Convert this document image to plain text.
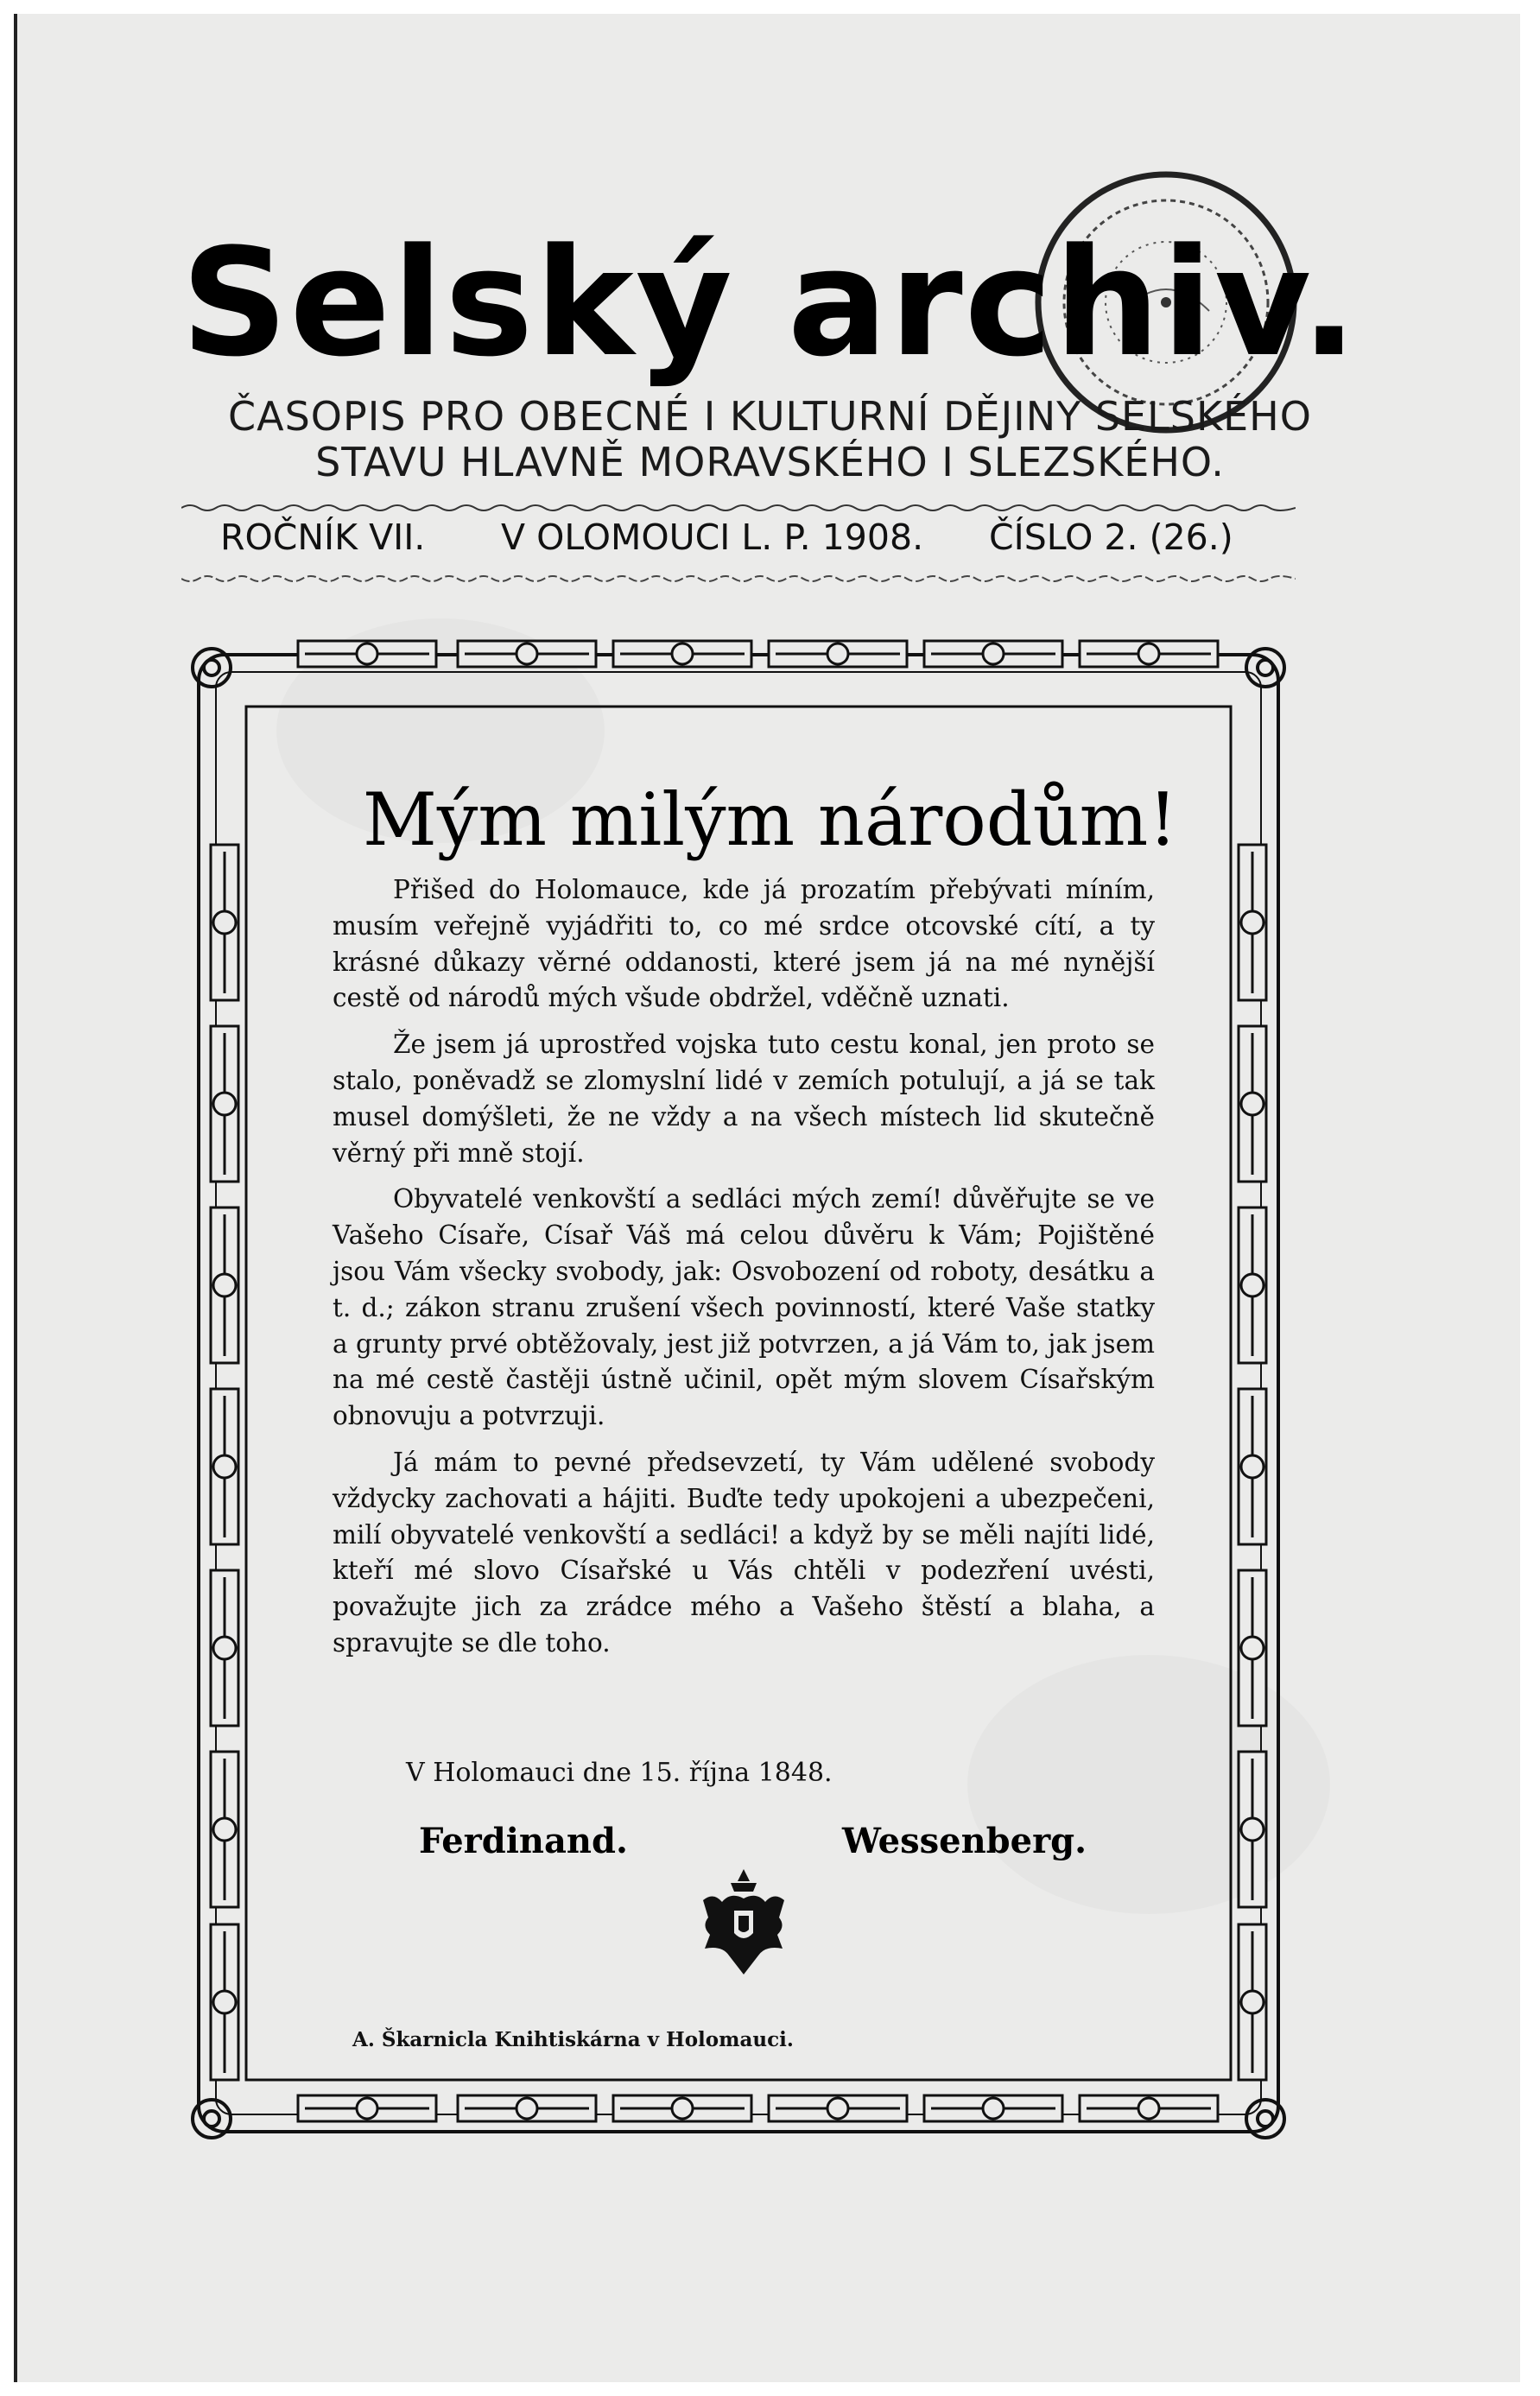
Selský archiv.
ČASOPIS PRO OBECNÉ I KULTURNÍ DĚJINY SELSKÉHO
STAVU HLAVNĚ MORAVSKÉHO I SLEZSKÉHO.
ROČNÍK VII. V OLOMOUCI L. P. 1908. ČÍSLO 2. (26.)
Mým milým národům!

Přišed do Holomauce, kde já prozatím přebývati míním, musím veřejně vyjádřiti to, co mé srdce otcovské cítí, a ty krásné důkazy věrné oddanosti, které jsem já na mé nynější cestě od národů mých všude obdržel, vděčně uznati.

Že jsem já uprostřed vojska tuto cestu konal, jen proto se stalo, poněvadž se zlomyslní lidé v zemích potulují, a já se tak musel domýšleti, že ne vždy a na všech místech lid skutečně věrný při mně stojí.

Obyvatelé venkovští a sedláci mých zemí! důvěřujte se ve Vašeho Císaře, Císař Váš má celou důvěru k Vám; Pojištěné jsou Vám všecky svobody, jak: Osvobození od roboty, desátku a t. d.; zákon stranu zrušení všech povinností, které Vaše statky a grunty prvé obtěžovaly, jest již potvrzen, a já Vám to, jak jsem na mé cestě častěji ústně učinil, opět mým slovem Císařským obnovuju a potvrzuji.

Já mám to pevné předsevzetí, ty Vám udělené svobody vždycky zachovati a hájiti. Buďte tedy upokojeni a ubezpečeni, milí obyvatelé venkovští a sedláci! a když by se měli najíti lidé, kteří mé slovo Císařské u Vás chtěli v podezření uvésti, považujte jich za zrádce mého a Vašeho štěstí a blaha, a spravujte se dle toho.

V Holomauci dne 15. října 1848.
Ferdinand.	Wessenberg.
A. Škarnicla Knihtiskárna v Holomauci.
